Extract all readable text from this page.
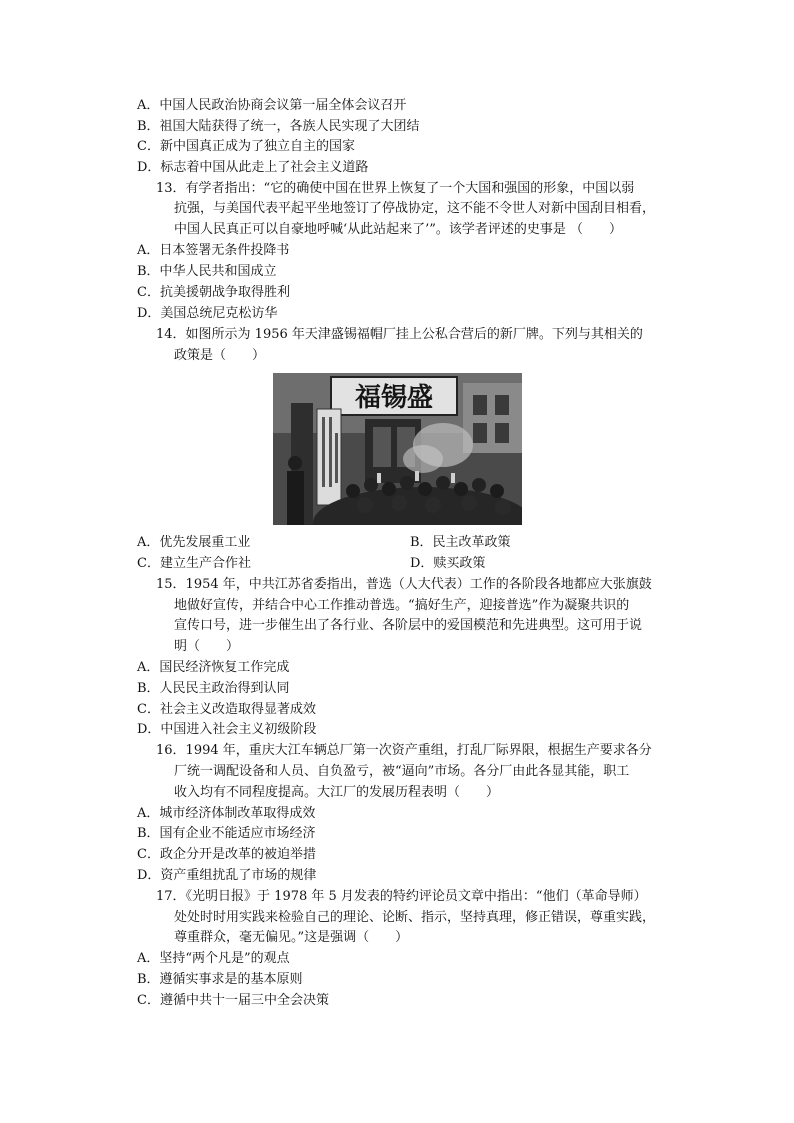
A．中国人民政治协商会议第一届全体会议召开
B．祖国大陆获得了统一，各族人民实现了大团结
C．新中国真正成为了独立自主的国家
D．标志着中国从此走上了社会主义道路
13．有学者指出：“它的确使中国在世界上恢复了一个大国和强国的形象，中国以弱
抗强，与美国代表平起平坐地签订了停战协定，这不能不令世人对新中国刮目相看，
中国人民真正可以自豪地呼喊‘从此站起来了’”。该学者评述的史事是 （　　）
A．日本签署无条件投降书
B．中华人民共和国成立
C．抗美援朝战争取得胜利
D．美国总统尼克松访华
14．如图所示为 1956 年天津盛锡福帽厂挂上公私合营后的新厂牌。下列与其相关的
政策是（　　）
福锡盛
A．优先发展重工业	B．民主改革政策
C．建立生产合作社	D．赎买政策
15．1954 年，中共江苏省委指出，普选（人大代表）工作的各阶段各地都应大张旗鼓
地做好宣传，并结合中心工作推动普选。“搞好生产，迎接普选”作为凝聚共识的
宣传口号，进一步催生出了各行业、各阶层中的爱国模范和先进典型。这可用于说
明（　　）
A．国民经济恢复工作完成
B．人民民主政治得到认同
C．社会主义改造取得显著成效
D．中国进入社会主义初级阶段
16．1994 年，重庆大江车辆总厂第一次资产重组，打乱厂际界限，根据生产要求各分
厂统一调配设备和人员、自负盈亏，被“逼向”市场。各分厂由此各显其能，职工
收入均有不同程度提高。大江厂的发展历程表明（　　）
A．城市经济体制改革取得成效
B．国有企业不能适应市场经济
C．政企分开是改革的被迫举措
D．资产重组扰乱了市场的规律
17．《光明日报》于 1978 年 5 月发表的特约评论员文章中指出：“他们（革命导师）
处处时时用实践来检验自己的理论、论断、指示，坚持真理，修正错误，尊重实践，
尊重群众，毫无偏见。”这是强调（　　）
A．坚持“两个凡是”的观点
B．遵循实事求是的基本原则
C．遵循中共十一届三中全会决策
